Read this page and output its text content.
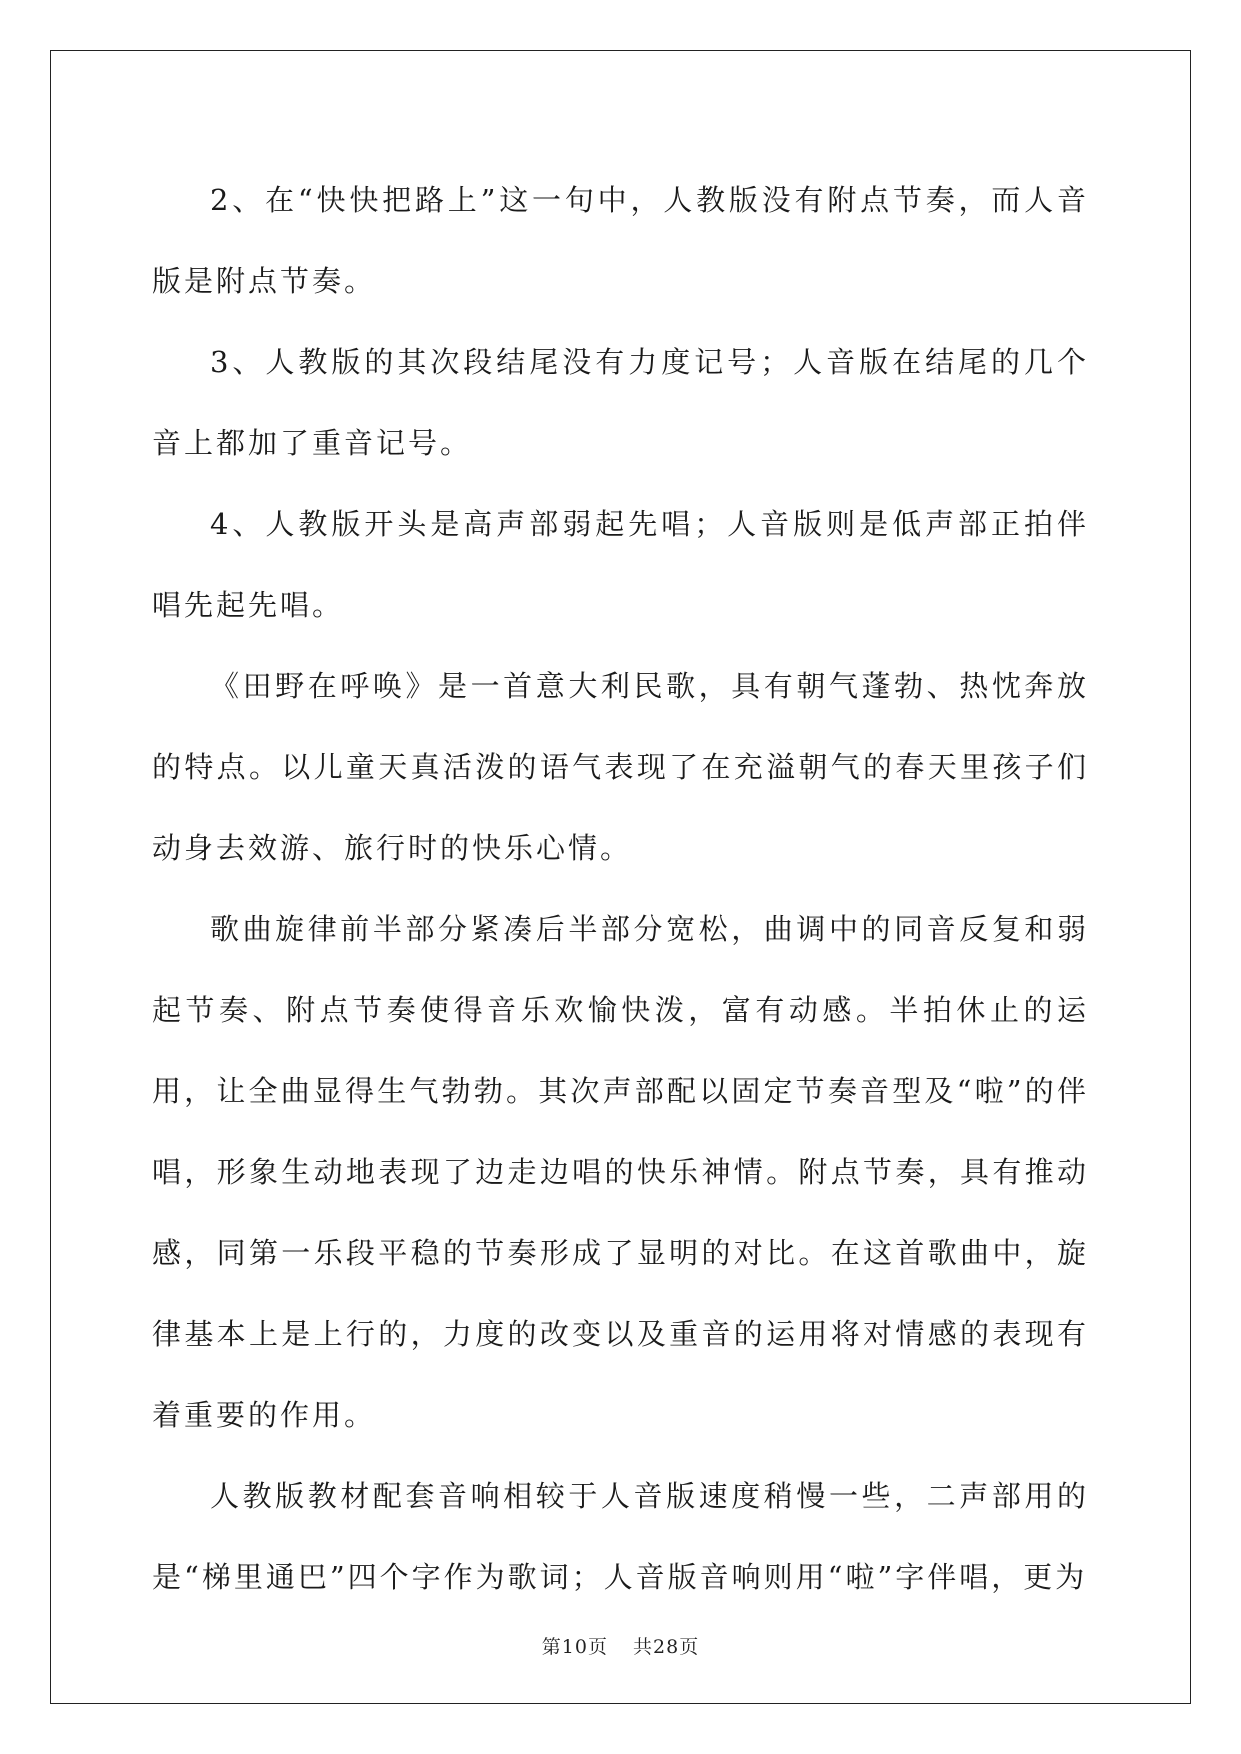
2、在“快快把路上”这一句中，人教版没有附点节奏，而人音版是附点节奏。

3、人教版的其次段结尾没有力度记号；人音版在结尾的几个音上都加了重音记号。

4、人教版开头是高声部弱起先唱；人音版则是低声部正拍伴唱先起先唱。

《田野在呼唤》是一首意大利民歌，具有朝气蓬勃、热忱奔放的特点。以儿童天真活泼的语气表现了在充溢朝气的春天里孩子们动身去效游、旅行时的快乐心情。

歌曲旋律前半部分紧凑后半部分宽松，曲调中的同音反复和弱起节奏、附点节奏使得音乐欢愉快泼，富有动感。半拍休止的运用，让全曲显得生气勃勃。其次声部配以固定节奏音型及“啦”的伴唱，形象生动地表现了边走边唱的快乐神情。附点节奏，具有推动感，同第一乐段平稳的节奏形成了显明的对比。在这首歌曲中，旋律基本上是上行的，力度的改变以及重音的运用将对情感的表现有着重要的作用。

人教版教材配套音响相较于人音版速度稍慢一些，二声部用的是“梯里通巴”四个字作为歌词；人音版音响则用“啦”字伴唱，更为

第10页 共28页
